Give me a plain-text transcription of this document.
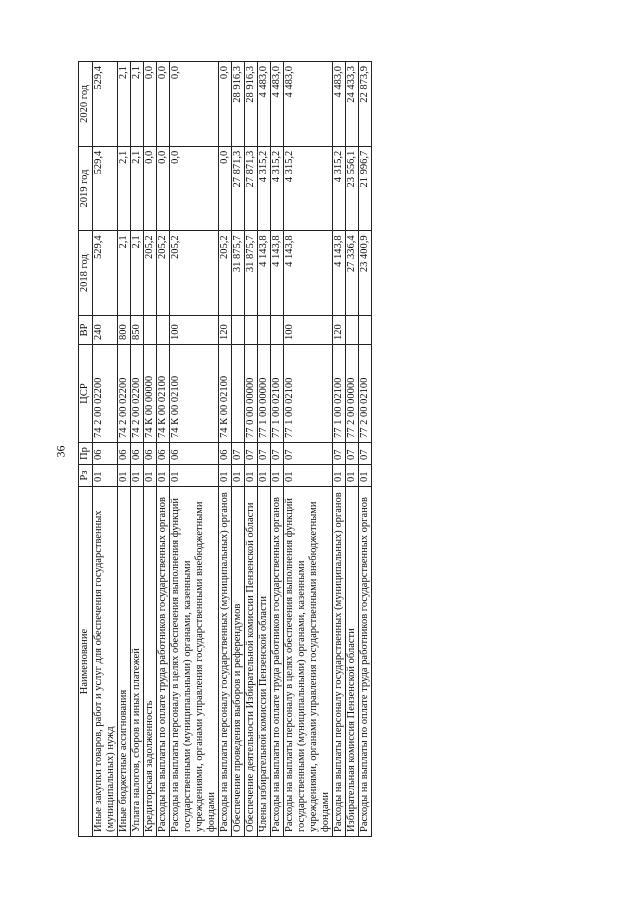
36
Наименование	Рз	Пр	ЦСР	ВР	2018 год	2019 год	2020 год
Иные закупки товаров, работ и услуг для обеспечения государственных (муниципальных) нужд	01	06	74 2 00 02200	240	529,4	529,4	529,4
Иные бюджетные ассигнования	01	06	74 2 00 02200	800	2,1	2,1	2,1
Уплата налогов, сборов и иных платежей	01	06	74 2 00 02200	850	2,1	2,1	2,1
Кредиторская задолженность	01	06	74 К 00 00000		205,2	0,0	0,0
Расходы на выплаты по оплате труда работников государственных органов	01	06	74 К 00 02100		205,2	0,0	0,0
Расходы на выплаты персоналу в целях обеспечения выполнения функций государственными (муниципальными) органами, казенными учреждениями, органами управления государственными внебюджетными фондами	01	06	74 К 00 02100	100	205,2	0,0	0,0
Расходы на выплаты персоналу государственных (муниципальных) органов	01	06	74 К 00 02100	120	205,2	0,0	0,0
Обеспечение проведения выборов и референдумов	01	07			31 875,7	27 871,3	28 916,3
Обеспечение деятельности Избирательной комиссии Пензенской области	01	07	77 0 00 00000		31 875,7	27 871,3	28 916,3
Члены избирательной комиссии Пензенской области	01	07	77 1 00 00000		4 143,8	4 315,2	4 483,0
Расходы на выплаты по оплате труда работников государственных органов	01	07	77 1 00 02100		4 143,8	4 315,2	4 483,0
Расходы на выплаты персоналу в целях обеспечения выполнения функций государственными (муниципальными) органами, казенными учреждениями, органами управления государственными внебюджетными фондами	01	07	77 1 00 02100	100	4 143,8	4 315,2	4 483,0
Расходы на выплаты персоналу государственных (муниципальных) органов	01	07	77 1 00 02100	120	4 143,8	4 315,2	4 483,0
Избирательная комиссия Пензенской области	01	07	77 2 00 00000		27 336,4	23 556,1	24 433,3
Расходы на выплаты по оплате труда работников государственных органов	01	07	77 2 00 02100		23 400,9	21 996,7	22 873,9
